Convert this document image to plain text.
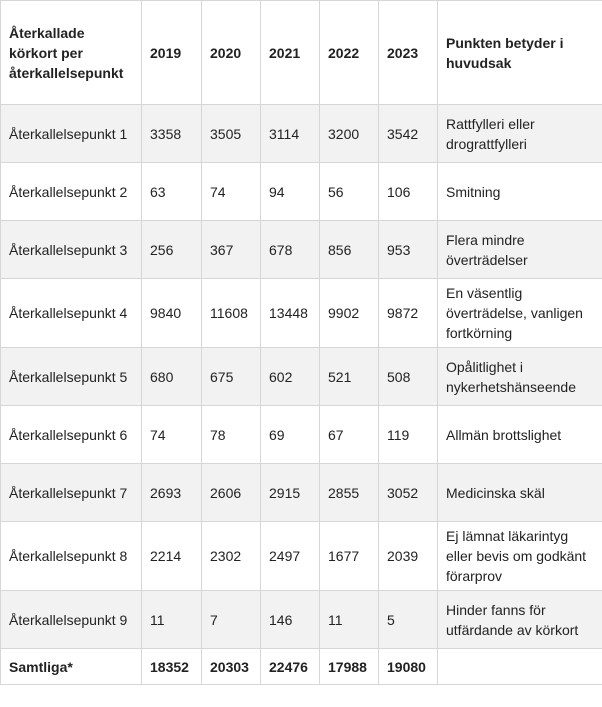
Återkallade körkort per återkallelsepunkt	2019	2020	2021	2022	2023	Punkten betyder i huvudsak
Återkallelsepunkt 1	3358	3505	3114	3200	3542	Rattfylleri eller drograttfylleri
Återkallelsepunkt 2	63	74	94	56	106	Smitning
Återkallelsepunkt 3	256	367	678	856	953	Flera mindre överträdelser
Återkallelsepunkt 4	9840	11608	13448	9902	9872	En väsentlig överträdelse, vanligen fortkörning
Återkallelsepunkt 5	680	675	602	521	508	Opålitlighet i nykerhetshänseende
Återkallelsepunkt 6	74	78	69	67	119	Allmän brottslighet
Återkallelsepunkt 7	2693	2606	2915	2855	3052	Medicinska skäl
Återkallelsepunkt 8	2214	2302	2497	1677	2039	Ej lämnat läkarintyg eller bevis om godkänt förarprov
Återkallelsepunkt 9	11	7	146	11	5	Hinder fanns för utfärdande av körkort
Samtliga*	18352	20303	22476	17988	19080	
